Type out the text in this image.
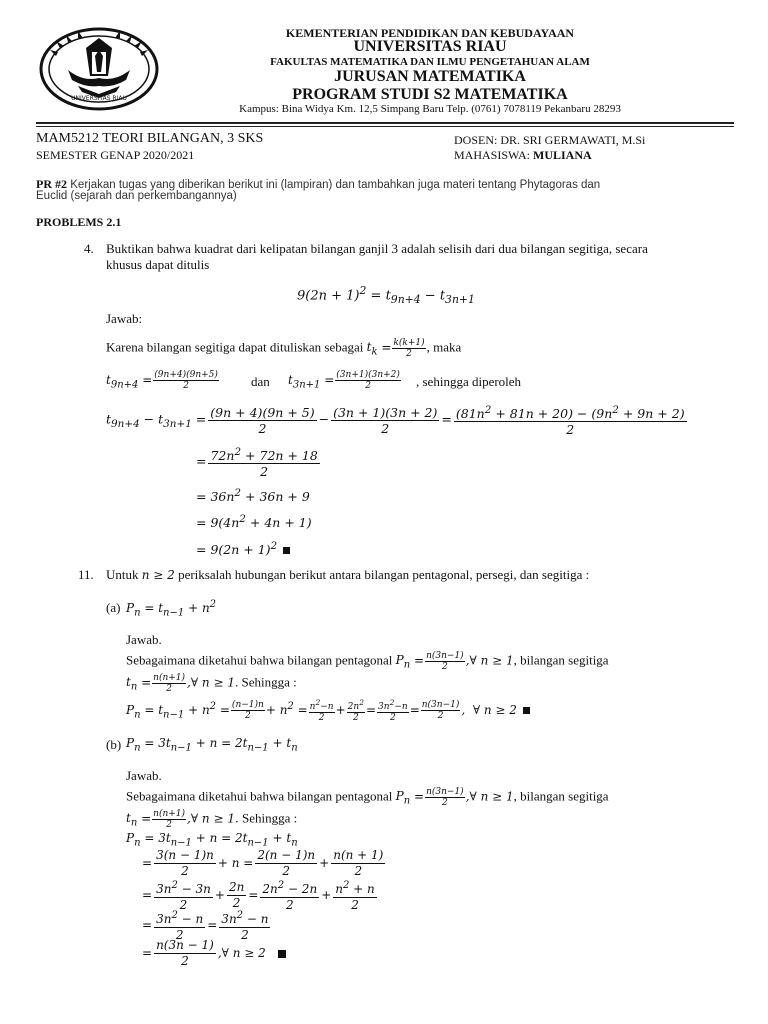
UNIVERSITAS RIAU
KEMENTERIAN PENDIDIKAN DAN KEBUDAYAAN
UNIVERSITAS RIAU
FAKULTAS MATEMATIKA DAN ILMU PENGETAHUAN ALAM
JURUSAN MATEMATIKA
PROGRAM STUDI S2 MATEMATIKA
Kampus: Bina Widya Km. 12,5 Simpang Baru Telp. (0761) 7078119 Pekanbaru 28293
MAM5212 TEORI BILANGAN, 3 SKS
SEMESTER GENAP 2020/2021
DOSEN: DR. SRI GERMAWATI, M.Si
MAHASISWA: MULIANA
PR #2 Kerjakan tugas yang diberikan berikut ini (lampiran) dan tambahkan juga materi tentang Phytagoras dan
Euclid (sejarah dan perkembangannya)
PROBLEMS 2.1
4. Buktikan bahwa kuadrat dari kelipatan bilangan ganjil 3 adalah selisih dari dua bilangan segitiga, secara
khusus dapat ditulis
$9(2n + 1)^2 = t_{9n+4} - t_{3n+1}$
Jawab:
Karena bilangan segitiga dapat dituliskan sebagai $t_k = \frac{k(k+1)}{2}$ , maka
$t_{9n+4} = \frac{(9n+4)(9n+5)}{2}$ dan $t_{3n+1} = \frac{(3n+1)(3n+2)}{2}$ , sehingga diperoleh
$t_{9n+4} - t_{3n+1} = \frac{(9n + 4)(9n + 5)}{2} - \frac{(3n + 1)(3n + 2)}{2} = \frac{(81n^2 + 81n + 20) - (9n^2 + 9n + 2)}{2}$
= $\frac{72n^2 + 72n + 18}{2}$
= $36n^2 + 36n + 9$
= $9(4n^2 + 4n + 1)$
= $9(2n + 1)^2$
11. Untuk n ≥ 2 periksalah hubungan berikut antara bilangan pentagonal, persegi, dan segitiga :
(a) $P_n = t_{n-1} + n^2$
Jawab.
Sebagaimana diketahui bahwa bilangan pentagonal $P_n = \frac{n(3n-1)}{2}$ ,∀ n ≥ 1, bilangan segitiga
$t_n = \frac{n(n+1)}{2}$ ,∀ n ≥ 1. Sehingga :
$P_n = t_{n-1} + n^2 = \frac{(n-1)n}{2} + n^2 = \frac{n^2-n}{2} + \frac{2n^2}{2} = \frac{3n^2-n}{2} = \frac{n(3n-1)}{2}$ ,  ∀ n ≥ 2
(b) $P_n = 3t_{n-1} + n = 2t_{n-1} + t_n$
Jawab.
Sebagaimana diketahui bahwa bilangan pentagonal $P_n = \frac{n(3n-1)}{2}$ ,∀ n ≥ 1, bilangan segitiga
$t_n = \frac{n(n+1)}{2}$ ,∀ n ≥ 1. Sehingga :
$P_n = 3t_{n-1} + n = 2t_{n-1} + t_n$
= $\frac{3(n - 1)n}{2} + n = \frac{2(n - 1)n}{2} + \frac{n(n + 1)}{2}$
= $\frac{3n^2 - 3n}{2} + \frac{2n}{2} = \frac{2n^2 - 2n}{2} + \frac{n^2 + n}{2}$
= $\frac{3n^2 - n}{2} = \frac{3n^2 - n}{2}$
= $\frac{n(3n - 1)}{2}$ ,∀ n ≥ 2
